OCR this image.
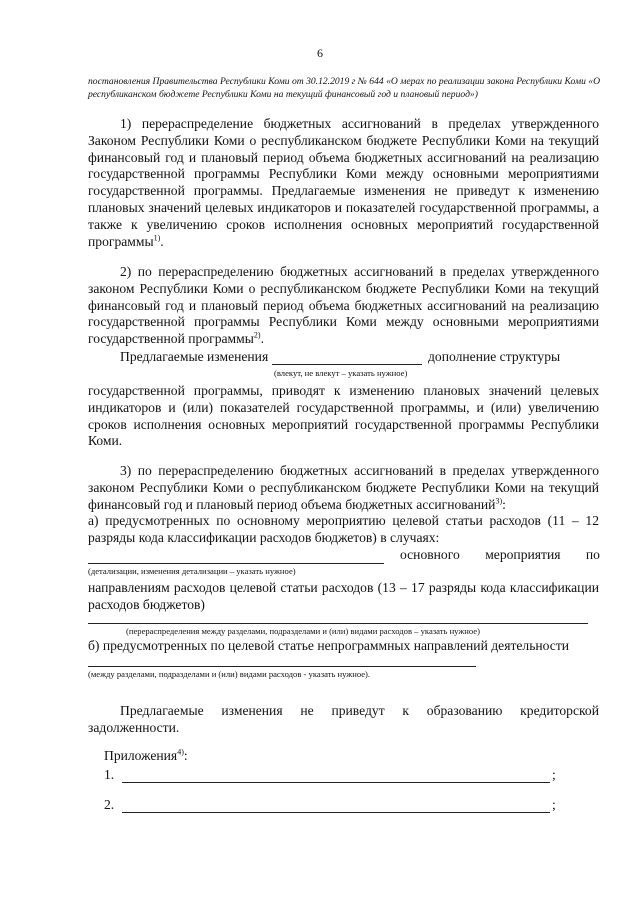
6
постановления Правительства Республики Коми от 30.12.2019 г № 644 «О мерах по реализации закона Республики Коми «О республиканском бюджете Республики Коми на текущий финансовый год и плановый период»)
1) перераспределение бюджетных ассигнований в пределах утвержденного Законом Республики Коми о республиканском бюджете Республики Коми на текущий финансовый год и плановый период объема бюджетных ассигнований на реализацию государственной программы Республики Коми между основными мероприятиями государственной программы. Предлагаемые изменения не приведут к изменению плановых значений целевых индикаторов и показателей государственной программы, а также к увеличению сроков исполнения основных мероприятий государственной программы$^{1)}$.
2) по перераспределению бюджетных ассигнований в пределах утвержденного законом Республики Коми о республиканском бюджете Республики Коми на текущий финансовый год и плановый период объема бюджетных ассигнований на реализацию государственной программы Республики Коми между основными мероприятиями государственной программы$^{2)}$.
Предлагаемые изменения	дополнение структуры
(влекут, не влекут – указать нужное)
государственной программы, приводят к изменению плановых значений целевых индикаторов и (или) показателей государственной программы, и (или) увеличению сроков исполнения основных мероприятий государственной программы Республики Коми.
3) по перераспределению бюджетных ассигнований в пределах утвержденного законом Республики Коми о республиканском бюджете Республики Коми на текущий финансовый год и плановый период объема бюджетных ассигнований$^{3)}$:
а) предусмотренных по основному мероприятию целевой статьи расходов (11 – 12 разряды кода классификации расходов бюджетов) в случаях:
основного мероприятия по
(детализации, изменения детализации – указать нужное)
направлениям расходов целевой статьи расходов (13 – 17 разряды кода классификации расходов бюджетов)
(перераспределения между разделами, подразделами и (или) видами расходов – указать нужное)
б) предусмотренных по целевой статье непрограммных направлений деятельности
(между разделами, подразделами и (или) видами расходов - указать нужное).
Предлагаемые изменения не приведут к образованию кредиторской задолженности.
Приложения$^{4)}$:
1.	;
2.	;
